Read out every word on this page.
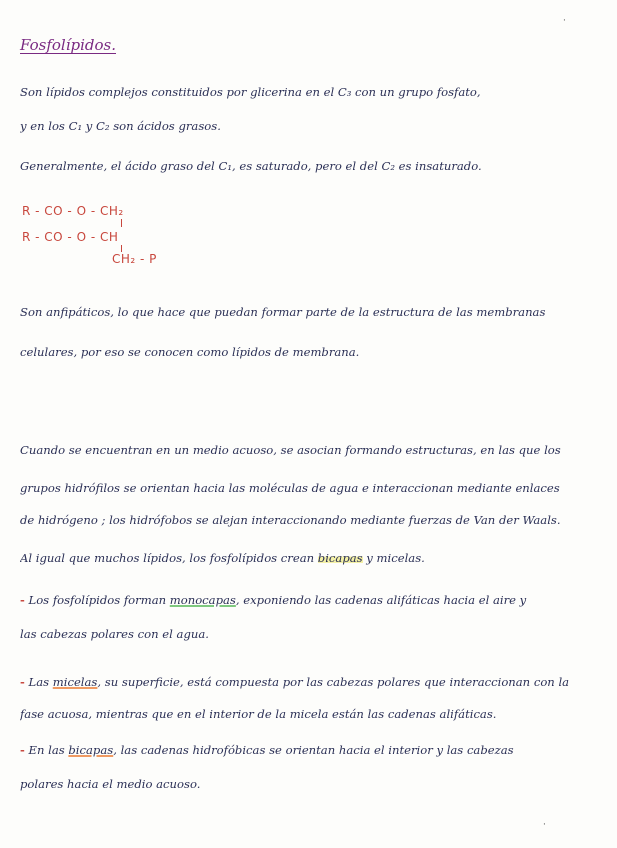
Fosfolípidos.
Son lípidos complejos constituidos por glicerina en el C₃ con un grupo fosfato,
y en los C₁ y C₂ son ácidos grasos.
Generalmente, el ácido graso del C₁, es saturado, pero el del C₂ es insaturado.
R - CO - O - CH₂
R - CO - O - CH
CH₂ - P
Son anfipáticos, lo que hace que puedan formar parte de la estructura de las membranas
celulares, por eso se conocen como lípidos de membrana.
Cuando se encuentran en un medio acuoso, se asocian formando estructuras, en las que los
grupos hidrófilos se orientan hacia las moléculas de agua e interaccionan mediante enlaces
de hidrógeno ; los hidrófobos se alejan interaccionando mediante fuerzas de Van der Waals.
Al igual que muchos lípidos, los fosfolípidos crean bicapas y micelas.
- Los fosfolípidos forman monocapas, exponiendo las cadenas alifáticas hacia el aire y
las cabezas polares con el agua.
- Las micelas, su superficie, está compuesta por las cabezas polares que interaccionan con la
fase acuosa, mientras que en el interior de la micela están las cadenas alifáticas.
- En las bicapas, las cadenas hidrofóbicas se orientan hacia el interior y las cabezas
polares hacia el medio acuoso.
·
·
